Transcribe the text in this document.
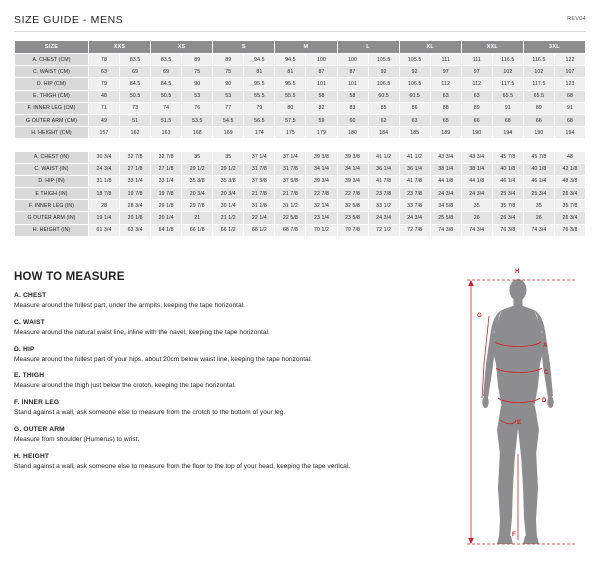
SIZE GUIDE - MENS	REV04
SIZE	XXS		XS		S		M		L		XL		XXL		3XL	
A. CHEST (CM)	78	83.5	83.5	89	89	94.5	94.5	100	100	105.5	105.5	111	111	116.5	116.5	122
C. WAIST (CM)	63	69	69	75	75	81	81	87	87	92	92	97	97	102	102	107
D. HIP (CM)	79	84.5	84.5	90	90	95.5	95.5	101	101	106.5	106.5	112	112	117.5	117.5	123
E. THIGH (CM)	48	50.5	50.5	53	53	55.5	55.5	58	58	60.5	60.5	63	63	65.5	65.5	68
F. INNER LEG (CM)	71	73	74	76	77	79	80	82	83	85	86	88	89	91	89	91
G OUTER ARM (CM)	49	51	51.5	53.5	54.5	56.5	57.5	59	60	62	63	65	66	68	66	68
H. HEIGHT (CM)	157	162	163	168	169	174	175	179	180	184	185	189	190	194	190	194

A. CHEST (IN)	30 3/4	32 7/8	32 7/8	35	35	37 1/4	37 1/4	39 3/8	39 3/8	41 1/2	41 1/2	43 3/4	43 3/4	45 7/8	45 7/8	48
C. WAIST (IN)	24 3/4	27 1/8	27 1/8	29 1/2	29 1/2	31 7/8	31 7/8	34 1/4	34 1/4	36 1/4	36 1/4	38 1/4	38 1/4	40 1/8	40 1/8	42 1/8
D. HIP (IN)	31 1/8	33 1/4	33 1/4	35 3/8	35 3/8	37 5/8	37 5/8	39 3/4	39 3/4	41 7/8	41 7/8	44 1/8	44 1/8	46 1/4	46 1/4	48 3/8
E THIGH (IN)	18 7/8	19 7/8	19 7/8	20 3/4	20 3/4	21 7/8	21 7/8	22 7/8	22 7/8	23 7/8	23 7/8	24 3/4	24 3/4	25 3/4	25 3/4	26 3/4
F. INNER LEG (IN)	28	28 3/4	29 1/8	29 7/8	30 1/4	31 1/8	31 1/2	32 1/4	32 5/8	33 1/2	33 7/8	34 5/8	35	35 7/8	35	35 7/8
G OUTER ARM (IN)	19 1/4	20 1/8	20 1/4	21	21 1/2	22 1/4	22 5/8	23 1/4	23 5/8	24 3/4	24 3/4	25 5/8	26	26 3/4	26	26 3/4
H. HEIGHT (IN)	61 3/4	63 3/4	64 1/8	66 1/8	66 1/2	68 1/2	68 7/8	70 1/2	70 7/8	72 1/2	72 7/8	74 3/8	74 3/4	76 3/8	74 3/4	76 3/8
HOW TO MEASURE
A. CHEST
Measure around the fullest part, under the armpits, keeping the tape horizontal.
C. WAIST
Measure around the natural waist line, inline with the navel, keeping the tape horizontal.
D. HIP
Measure around the fullest part of your hips, about 20cm below waist line, keeping the tape horizontal.
E. THIGH
Measure around the thigh just below the crotch, keeping the tape horizontal.
F. INNER LEG
Stand against a wall, ask someone else to measure from the crotch to the bottom of your leg.
G. OUTER ARM
Measure from shoulder (Humerus) to wrist.
H. HEIGHT
Stand against a wall, ask someone else to measure from the floor to the top of your head, keeping the tape vertical.
H
G
A
C
D
E
F
